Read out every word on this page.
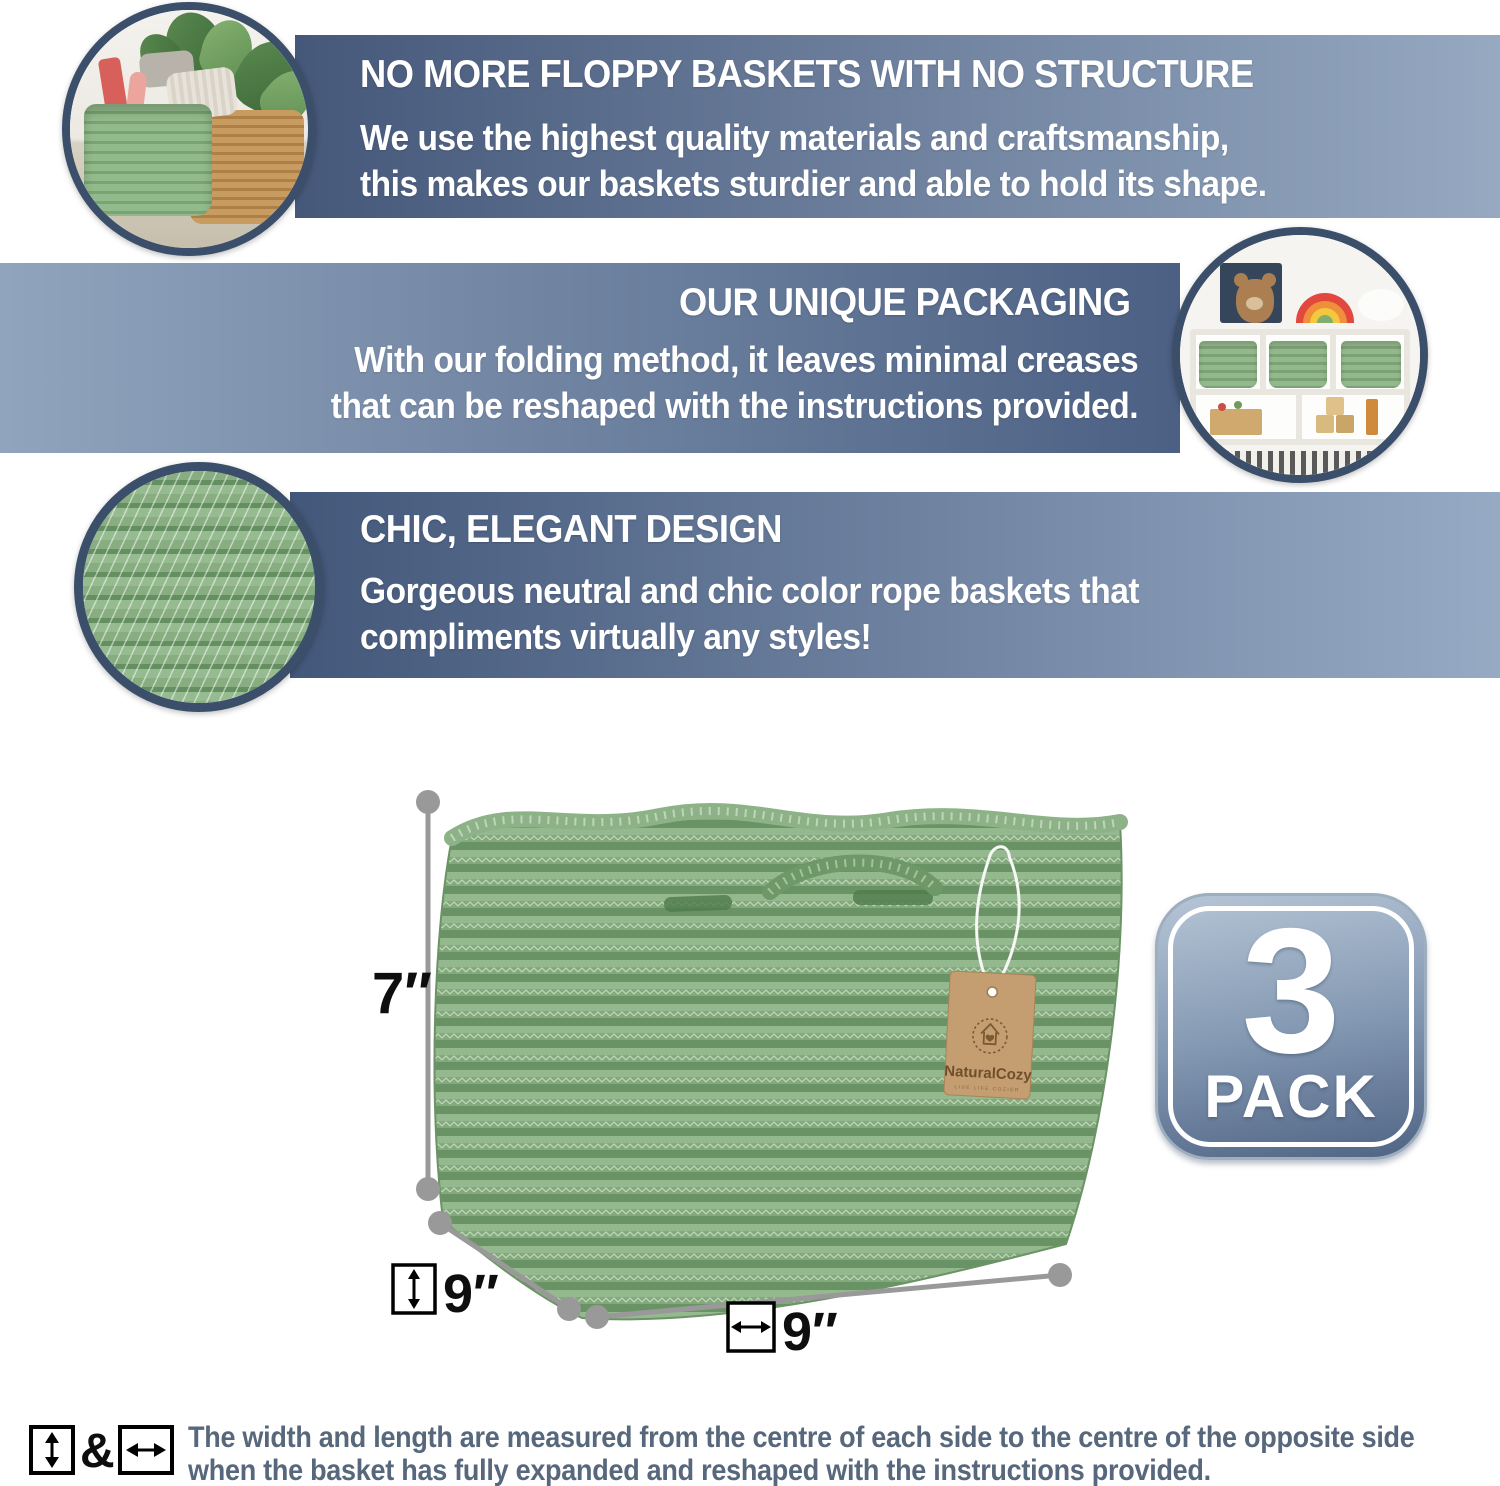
NO MORE FLOPPY BASKETS WITH NO STRUCTURE
We use the highest quality materials and craftsmanship,
this makes our baskets sturdier and able to hold its shape.
OUR UNIQUE PACKAGING
With our folding method, it leaves minimal creases
that can be reshaped with the instructions provided.
CHIC, ELEGANT DESIGN
Gorgeous neutral and chic color rope baskets that
compliments virtually any styles!
NaturalCozy
LIVE LIFE COZIER
7″
9″
9″
3
PACK
& The width and length are measured from the centre of each side to the centre of the opposite side
when the basket has fully expanded and reshaped with the instructions provided.
